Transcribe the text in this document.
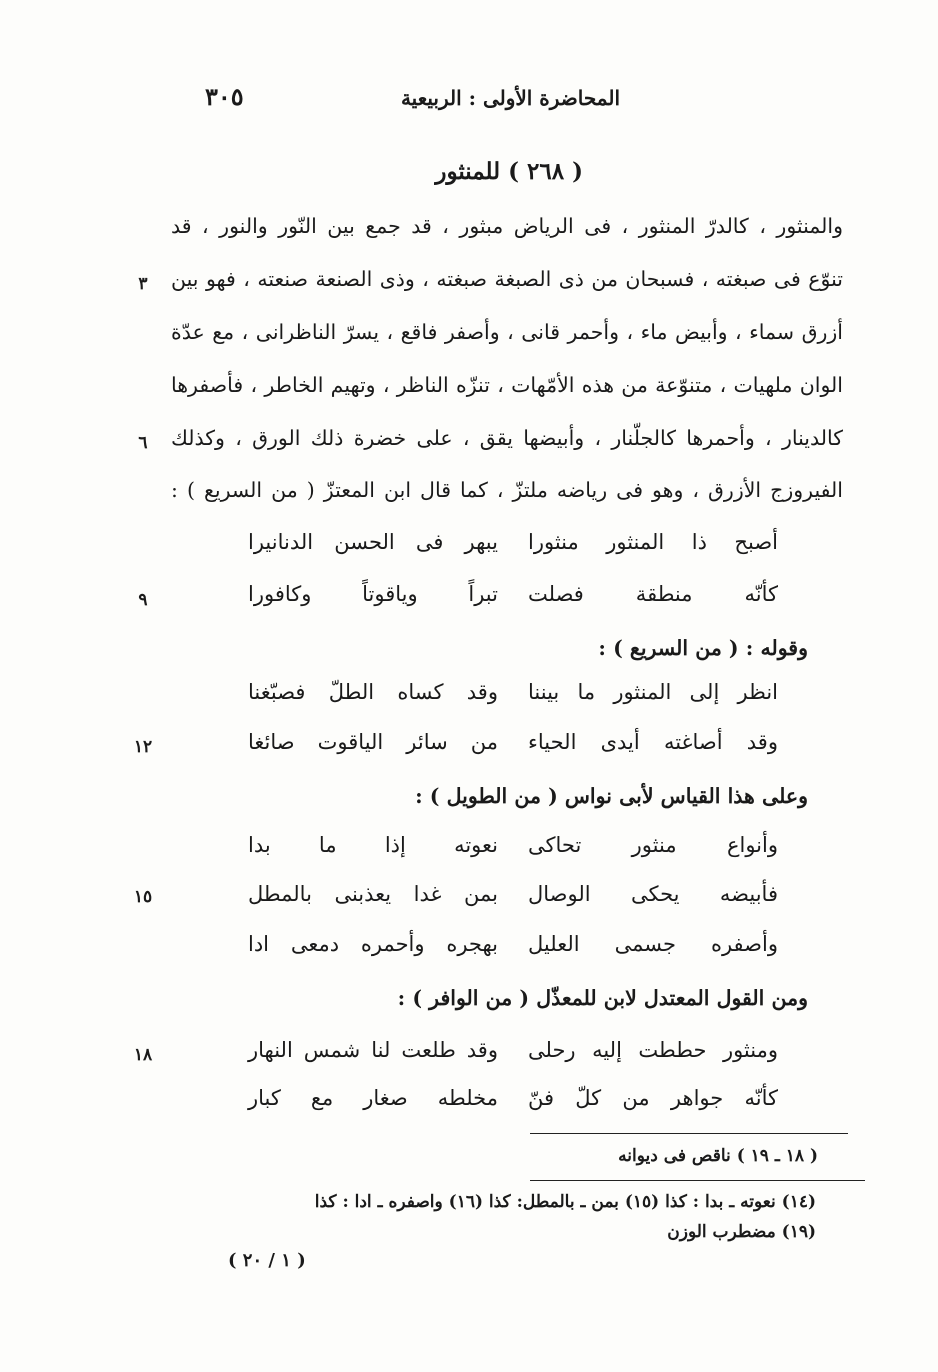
المحاضرة الأولى : الربيعية
٣٠٥
( ٢٦٨ ) للمنثور
والمنثور ، كالدرّ المنثور ، فى الرياض مبثور ، قد جمع بين النّور والنور ، قد
تنوّع فى صبغته ، فسبحان من ذى الصبغة صبغته ، وذى الصنعة صنعته ، فهو بين
أزرق سماء ، وأبيض ماء ، وأحمر قانى ، وأصفر فاقع ، يسرّ الناظرانى ، مع عدّة
الوان ملهيات ، متنوّعة من هذه الأمّهات ، تنزّه الناظر ، وتهيم الخاطر ، فأصفرها
كالدينار ، وأحمرها كالجلّنار ، وأبيضها يقق ، على خضرة ذلك الورق ، وكذلك
الفيروزج الأزرق ، وهو فى رياضه ملتزّ ، كما قال ابن المعتزّ ( من السريع ) :
٣
٦
٩
١٢
١٥
١٨
أصبح ذا المنثور منثورا
يبهر فى الحسن الدنانيرا
كأنّه منطقة فصلت
تبراً وياقوتاً وكافورا
وقوله : ( من السريع ) :
انظر إلى المنثور ما بيننا
وقد كساه الطلّ فصبّغنا
وقد أصاغته أيدى الحياء
من سائر الياقوت صائغا
وعلى هذا القياس لأبى نواس ( من الطويل ) :
وأنواع منثور تحاكى
نعوته إذا ما بدا
فأبيضه يحكى الوصال
بمن غدا يعذبنى بالمطل
وأصفره جسمى العليل
بهجره وأحمره دمعى ادا
ومن القول المعتدل لابن للمعذّل ( من الوافر ) :
ومنثور حططت إليه رحلى
وقد طلعت لنا شمس النهار
كأنّه جواهر من كلّ فنّ
مخلطه صغار مع كبار
( ١٨ ـ ١٩ ) ناقص فى ديوانه
(١٤) نعوته ـ بدا : كذا (١٥) بمن ـ بالمطل: كذا (١٦) واصفره ـ ادا : كذا
(١٩) مضطرب الوزن
( ١ / ٢٠ )
